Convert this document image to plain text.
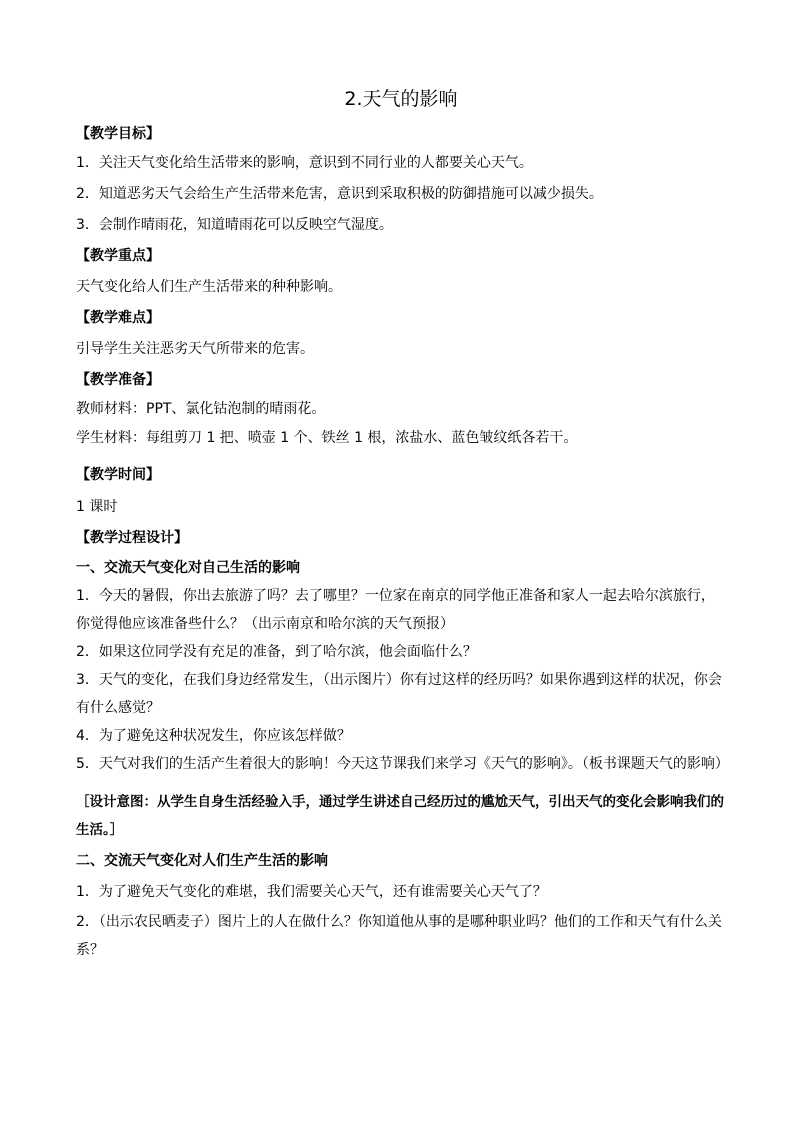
2.天气的影响

【教学目标】

1．关注天气变化给生活带来的影响，意识到不同行业的人都要关心天气。

2．知道恶劣天气会给生产生活带来危害，意识到采取积极的防御措施可以减少损失。

3．会制作晴雨花，知道晴雨花可以反映空气湿度。

【教学重点】

天气变化给人们生产生活带来的种种影响。

【教学难点】

引导学生关注恶劣天气所带来的危害。

【教学准备】

教师材料：PPT、氯化钴泡制的晴雨花。

学生材料：每组剪刀 1 把、喷壶 1 个、铁丝 1 根，浓盐水、蓝色皱纹纸各若干。

【教学时间】

1 课时

【教学过程设计】

一、交流天气变化对自己生活的影响

1．今天的暑假，你出去旅游了吗？去了哪里？一位家在南京的同学他正准备和家人一起去哈尔滨旅行，你觉得他应该准备些什么？（出示南京和哈尔滨的天气预报）

2．如果这位同学没有充足的准备，到了哈尔滨，他会面临什么？

3．天气的变化，在我们身边经常发生，（出示图片）你有过这样的经历吗？如果你遇到这样的状况，你会有什么感觉？

4．为了避免这种状况发生，你应该怎样做？

5．天气对我们的生活产生着很大的影响！今天这节课我们来学习《天气的影响》。（板书课题天气的影响）

［设计意图：从学生自身生活经验入手，通过学生讲述自己经历过的尴尬天气，引出天气的变化会影响我们的生活。］

二、交流天气变化对人们生产生活的影响

1．为了避免天气变化的难堪，我们需要关心天气，还有谁需要关心天气了？

2．（出示农民晒麦子）图片上的人在做什么？你知道他从事的是哪种职业吗？他们的工作和天气有什么关系？
